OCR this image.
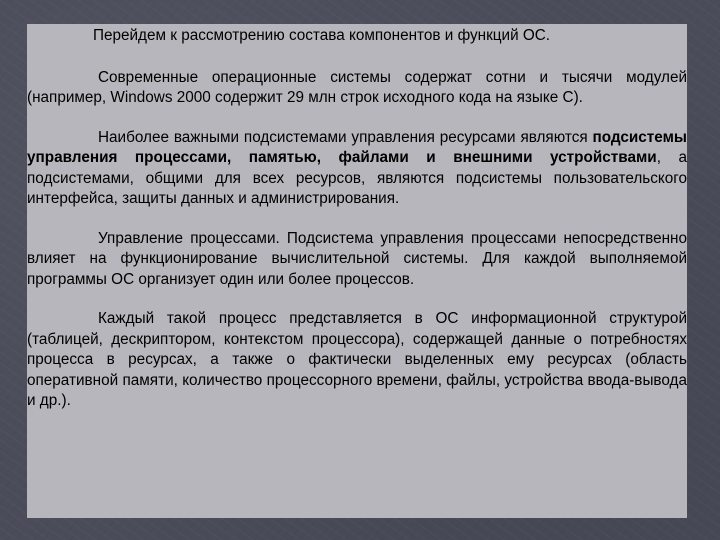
Перейдем к рассмотрению состава компонентов и функций ОС.

Современные операционные системы содержат сотни и тысячи модулей (например, Windows 2000 содержит 29 млн строк исходного кода на языке С).

Наиболее важными подсистемами управления ресурсами являются подсистемы управления процессами, памятью, файлами и внешними устройствами, а подсистемами, общими для всех ресурсов, являются подсистемы пользовательского интерфейса, защиты данных и администрирования.

Управление процессами. Подсистема управления процессами непосредственно влияет на функционирование вычислительной системы. Для каждой выполняемой программы ОС организует один или более процессов.

Каждый такой процесс представляется в ОС информационной структурой (таблицей, дескриптором, контекстом процессора), содержащей данные о потребностях процесса в ресурсах, а также о фактически выделенных ему ресурсах (область оперативной памяти, количество процессорного времени, файлы, устройства ввода-вывода и др.).
